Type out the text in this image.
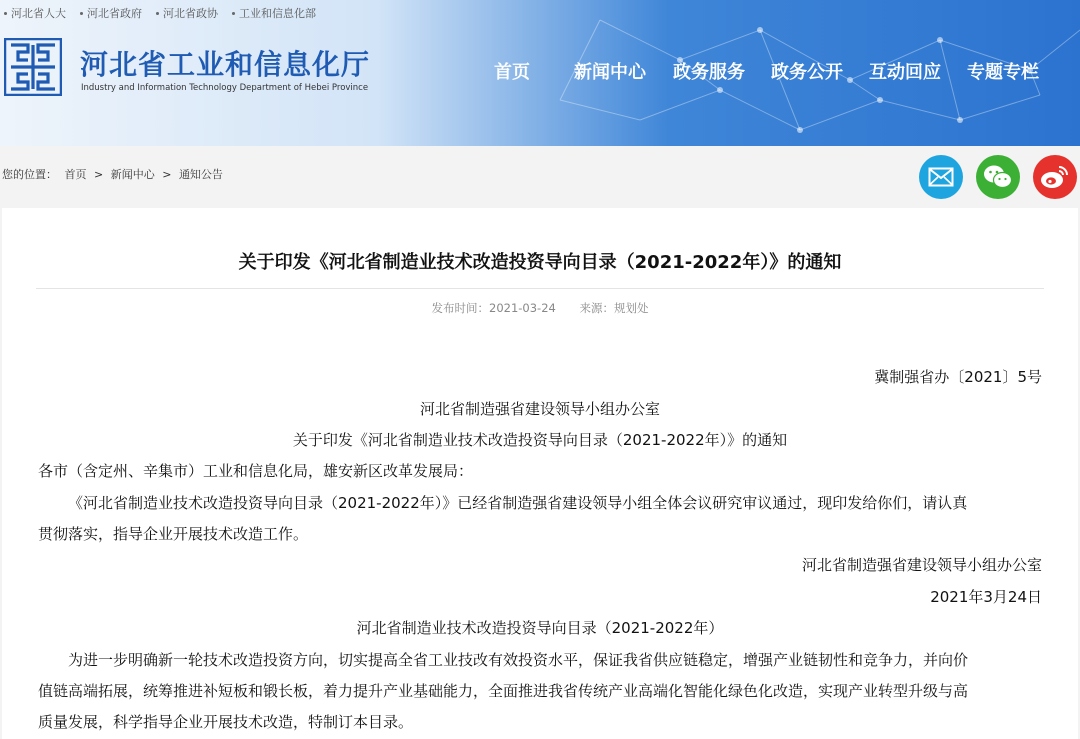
河北省人大 河北省政府 河北省政协 工业和信息化部
河北省工业和信息化厅
Industry and Information Technology Department of Hebei Province
首页 新闻中心 政务服务 政务公开 互动回应 专题专栏
您的位置： 首页 > 新闻中心 > 通知公告
关于印发《河北省制造业技术改造投资导向目录（2021-2022年）》的通知
发布时间：2021-03-24 来源：规划处
冀制强省办〔2021〕5号
河北省制造强省建设领导小组办公室
关于印发《河北省制造业技术改造投资导向目录（2021-2022年）》的通知
各市（含定州、辛集市）工业和信息化局，雄安新区改革发展局：
《河北省制造业技术改造投资导向目录（2021-2022年）》已经省制造强省建设领导小组全体会议研究审议通过，现印发给你们，请认真
贯彻落实，指导企业开展技术改造工作。
河北省制造强省建设领导小组办公室
2021年3月24日
河北省制造业技术改造投资导向目录（2021-2022年）
为进一步明确新一轮技术改造投资方向，切实提高全省工业技改有效投资水平，保证我省供应链稳定，增强产业链韧性和竞争力，并向价
值链高端拓展，统筹推进补短板和锻长板，着力提升产业基础能力，全面推进我省传统产业高端化智能化绿色化改造，实现产业转型升级与高
质量发展，科学指导企业开展技术改造，特制订本目录。
